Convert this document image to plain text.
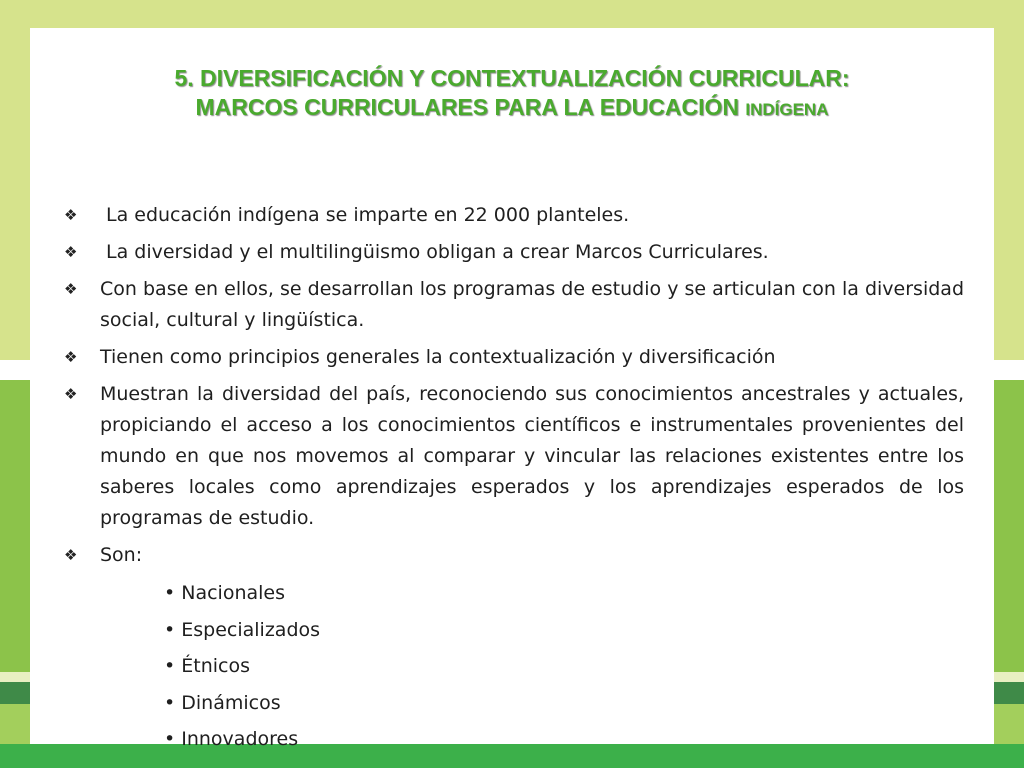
5. DIVERSIFICACIÓN Y CONTEXTUALIZACIÓN CURRICULAR:
MARCOS CURRICULARES PARA LA EDUCACIÓN INDÍGENA
❖	La educación indígena se imparte en 22 000 planteles.
❖	La diversidad y el multilingüismo obligan a crear Marcos Curriculares.
❖	Con base en ellos, se desarrollan los programas de estudio y se articulan con la diversidad social, cultural y lingüística.
❖	Tienen como principios generales la contextualización y diversificación
❖	Muestran la diversidad del país, reconociendo sus conocimientos ancestrales y actuales, propiciando el acceso a los conocimientos científicos e instrumentales provenientes del mundo en que nos movemos al comparar y vincular las relaciones existentes entre los saberes locales como aprendizajes esperados y los aprendizajes esperados de los programas de estudio.
❖	Son:
• Nacionales
• Especializados
• Étnicos
• Dinámicos
• Innovadores
